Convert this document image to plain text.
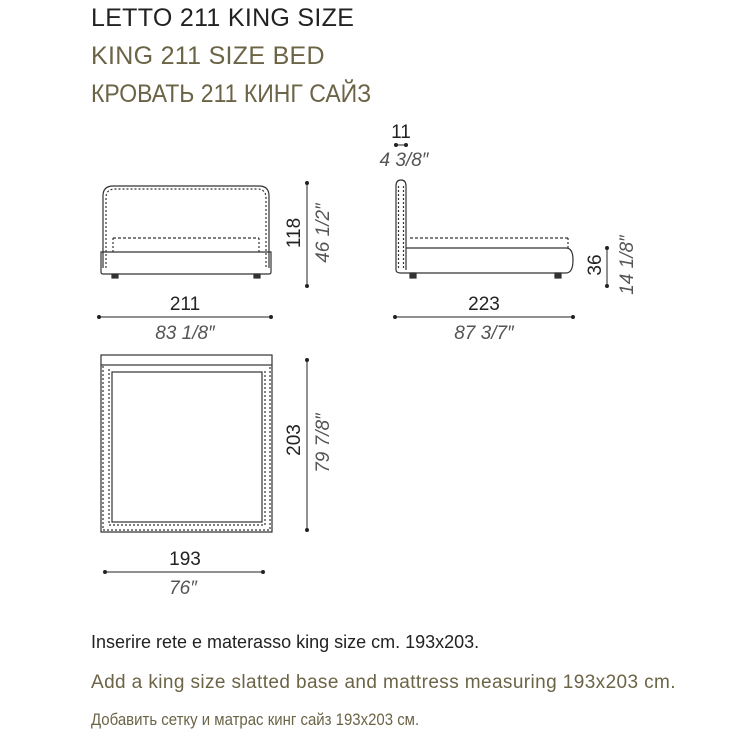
LETTO 211 KING SIZE
KING 211 SIZE BED
КРОВАТЬ 211 КИНГ САЙЗ
211
83 1/8″
118 46 1/2″
223
87 3/7″
11
4 3/8″
36 14 1/8″
203 79 7/8″
193
76″
Inserire rete e materasso king size cm. 193x203.
Add a king size slatted base and mattress measuring 193x203 cm.
Добавить сетку и матрас кинг сайз 193x203 см.
